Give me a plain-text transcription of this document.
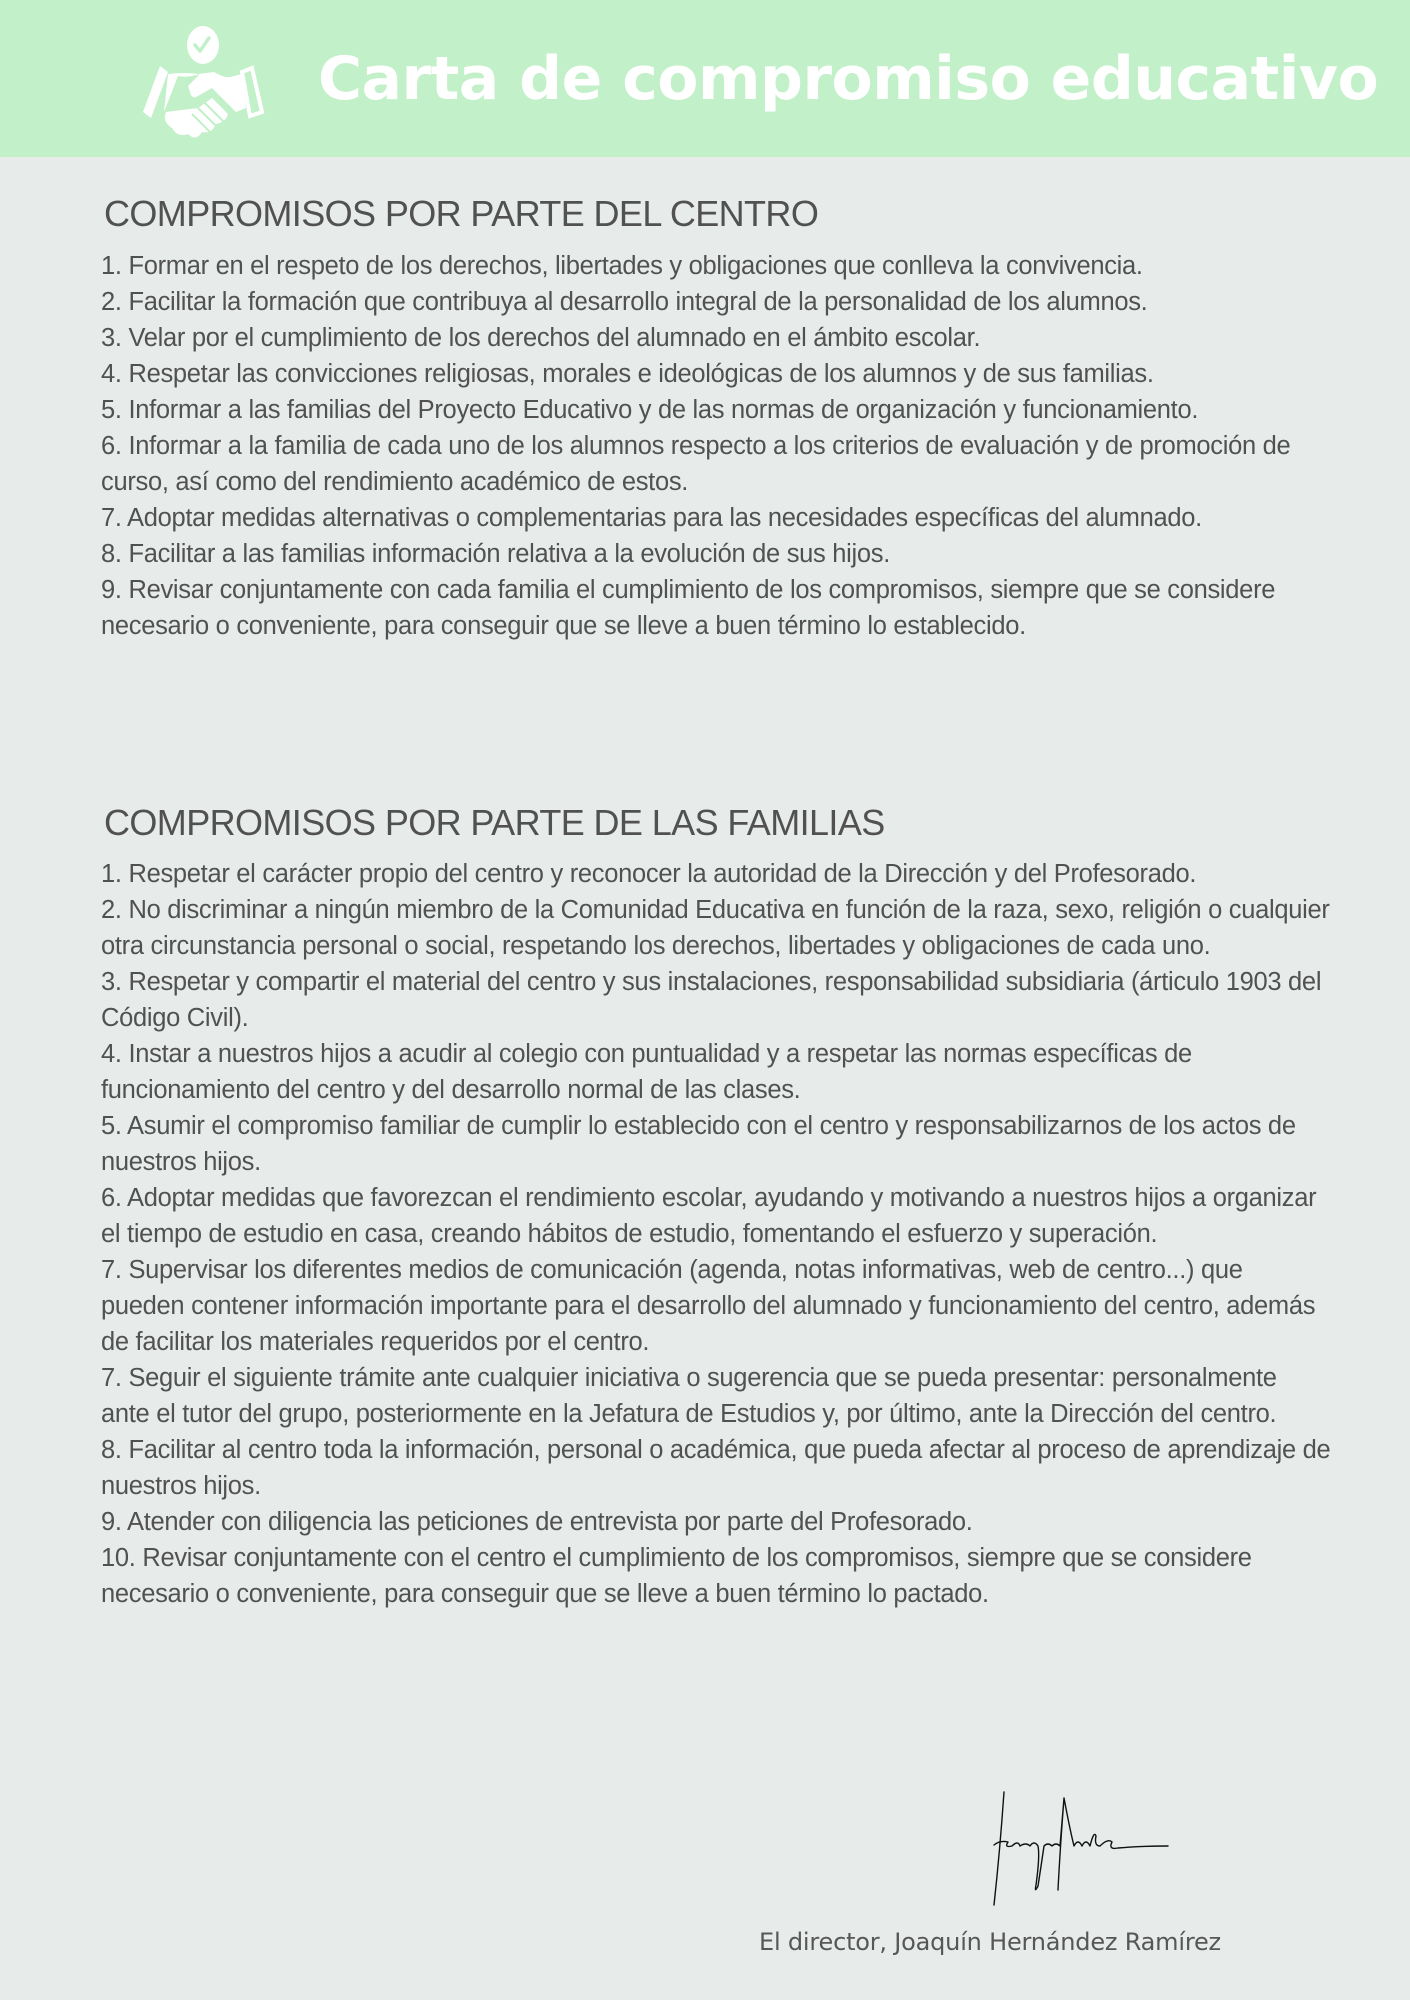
Carta de compromiso educativo
COMPROMISOS POR PARTE DEL CENTRO
1. Formar en el respeto de los derechos, libertades y obligaciones que conlleva la convivencia.
2. Facilitar la formación que contribuya al desarrollo integral de la personalidad de los alumnos.
3. Velar por el cumplimiento de los derechos del alumnado en el ámbito escolar.
4. Respetar las convicciones religiosas, morales e ideológicas de los alumnos y de sus familias.
5. Informar a las familias del Proyecto Educativo y de las normas de organización y funcionamiento.
6. Informar a la familia de cada uno de los alumnos respecto a los criterios de evaluación y de promoción de curso, así como del rendimiento académico de estos.
7. Adoptar medidas alternativas o complementarias para las necesidades específicas del alumnado.
8. Facilitar a las familias información relativa a la evolución de sus hijos.
9. Revisar conjuntamente con cada familia el cumplimiento de los compromisos, siempre que se considere necesario o conveniente, para conseguir que se lleve a buen término lo establecido.
COMPROMISOS POR PARTE DE LAS FAMILIAS
1. Respetar el carácter propio del centro y reconocer la autoridad de la Dirección y del Profesorado.
2. No discriminar a ningún miembro de la Comunidad Educativa en función de la raza, sexo, religión o cualquier otra circunstancia personal o social, respetando los derechos, libertades y obligaciones de cada uno.
3. Respetar y compartir el material del centro y sus instalaciones, responsabilidad subsidiaria (árticulo 1903 del Código Civil).
4. Instar a nuestros hijos a acudir al colegio con puntualidad y a respetar las normas específicas de funcionamiento del centro y del desarrollo normal de las clases.
5. Asumir el compromiso familiar de cumplir lo establecido con el centro y responsabilizarnos de los actos de nuestros hijos.
6. Adoptar medidas que favorezcan el rendimiento escolar, ayudando y motivando a nuestros hijos a organizar el tiempo de estudio en casa, creando hábitos de estudio, fomentando el esfuerzo y superación.
7. Supervisar los diferentes medios de comunicación (agenda, notas informativas, web de centro...) que pueden contener información importante para el desarrollo del alumnado y funcionamiento del centro, además de facilitar los materiales requeridos por el centro.
7. Seguir el siguiente trámite ante cualquier iniciativa o sugerencia que se pueda presentar: personalmente ante el tutor del grupo, posteriormente en la Jefatura de Estudios y, por último, ante la Dirección del centro.
8. Facilitar al centro toda la información, personal o académica, que pueda afectar al proceso de aprendizaje de nuestros hijos.
9. Atender con diligencia las peticiones de entrevista por parte del Profesorado.
10. Revisar conjuntamente con el centro el cumplimiento de los compromisos, siempre que se considere necesario o conveniente, para conseguir que se lleve a buen término lo pactado.
El director, Joaquín Hernández Ramírez
